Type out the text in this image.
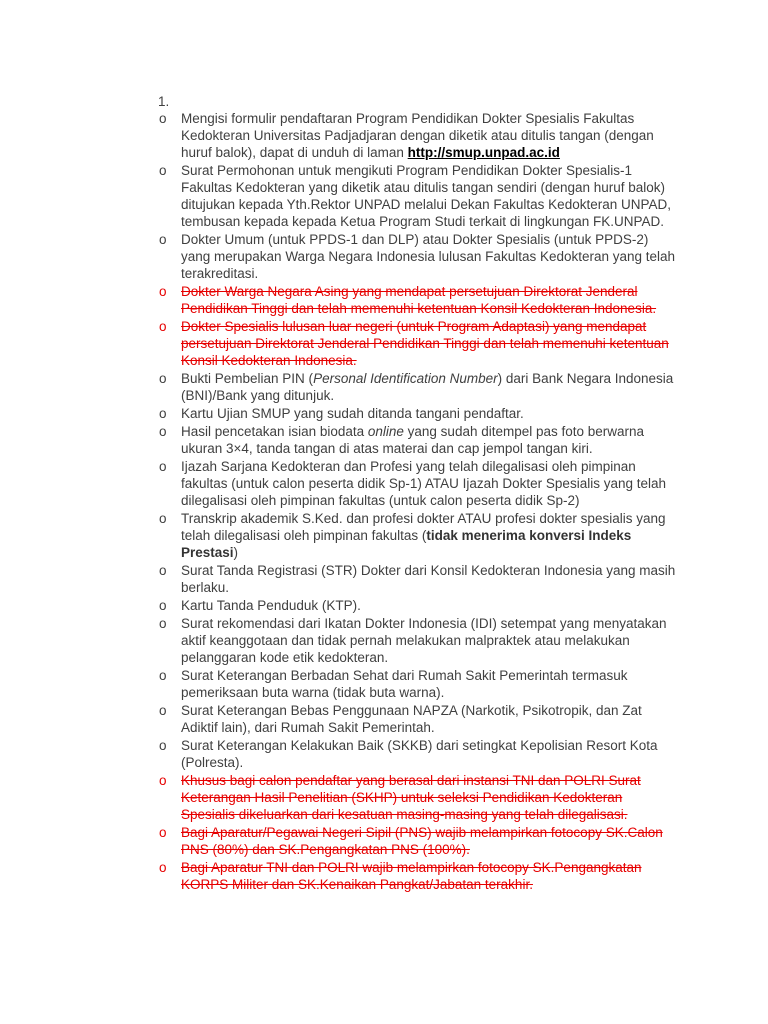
1.
o Mengisi formulir pendaftaran Program Pendidikan Dokter Spesialis Fakultas Kedokteran Universitas Padjadjaran dengan diketik atau ditulis tangan (dengan huruf balok), dapat di unduh di laman http://smup.unpad.ac.id
o Surat Permohonan untuk mengikuti Program Pendidikan Dokter Spesialis-1 Fakultas Kedokteran yang diketik atau ditulis tangan sendiri (dengan huruf balok) ditujukan kepada Yth.Rektor UNPAD melalui Dekan Fakultas Kedokteran UNPAD, tembusan kepada kepada Ketua Program Studi terkait di lingkungan FK.UNPAD.
o Dokter Umum (untuk PPDS-1 dan DLP) atau Dokter Spesialis (untuk PPDS-2) yang merupakan Warga Negara Indonesia lulusan Fakultas Kedokteran yang telah terakreditasi.
o Dokter Warga Negara Asing yang mendapat persetujuan Direktorat Jenderal Pendidikan Tinggi dan telah memenuhi ketentuan Konsil Kedokteran Indonesia.
o Dokter Spesialis lulusan luar negeri (untuk Program Adaptasi) yang mendapat persetujuan Direktorat Jenderal Pendidikan Tinggi dan telah memenuhi ketentuan Konsil Kedokteran Indonesia.
o Bukti Pembelian PIN (Personal Identification Number) dari Bank Negara Indonesia (BNI)/Bank yang ditunjuk.
o Kartu Ujian SMUP yang sudah ditanda tangani pendaftar.
o Hasil pencetakan isian biodata online yang sudah ditempel pas foto berwarna ukuran 3×4, tanda tangan di atas materai dan cap jempol tangan kiri.
o Ijazah Sarjana Kedokteran dan Profesi yang telah dilegalisasi oleh pimpinan fakultas (untuk calon peserta didik Sp-1) ATAU Ijazah Dokter Spesialis yang telah dilegalisasi oleh pimpinan fakultas (untuk calon peserta didik Sp-2)
o Transkrip akademik S.Ked. dan profesi dokter ATAU profesi dokter spesialis yang telah dilegalisasi oleh pimpinan fakultas (tidak menerima konversi Indeks Prestasi)
o Surat Tanda Registrasi (STR) Dokter dari Konsil Kedokteran Indonesia yang masih berlaku.
o Kartu Tanda Penduduk (KTP).
o Surat rekomendasi dari Ikatan Dokter Indonesia (IDI) setempat yang menyatakan aktif keanggotaan dan tidak pernah melakukan malpraktek atau melakukan pelanggaran kode etik kedokteran.
o Surat Keterangan Berbadan Sehat dari Rumah Sakit Pemerintah termasuk pemeriksaan buta warna (tidak buta warna).
o Surat Keterangan Bebas Penggunaan NAPZA (Narkotik, Psikotropik, dan Zat Adiktif lain), dari Rumah Sakit Pemerintah.
o Surat Keterangan Kelakukan Baik (SKKB) dari setingkat Kepolisian Resort Kota (Polresta).
o Khusus bagi calon pendaftar yang berasal dari instansi TNI dan POLRI Surat Keterangan Hasil Penelitian (SKHP) untuk seleksi Pendidikan Kedokteran Spesialis dikeluarkan dari kesatuan masing-masing yang telah dilegalisasi.
o Bagi Aparatur/Pegawai Negeri Sipil (PNS) wajib melampirkan fotocopy SK.Calon PNS (80%) dan SK.Pengangkatan PNS (100%).
o Bagi Aparatur TNI dan POLRI wajib melampirkan fotocopy SK.Pengangkatan KORPS Militer dan SK.Kenaikan Pangkat/Jabatan terakhir.
